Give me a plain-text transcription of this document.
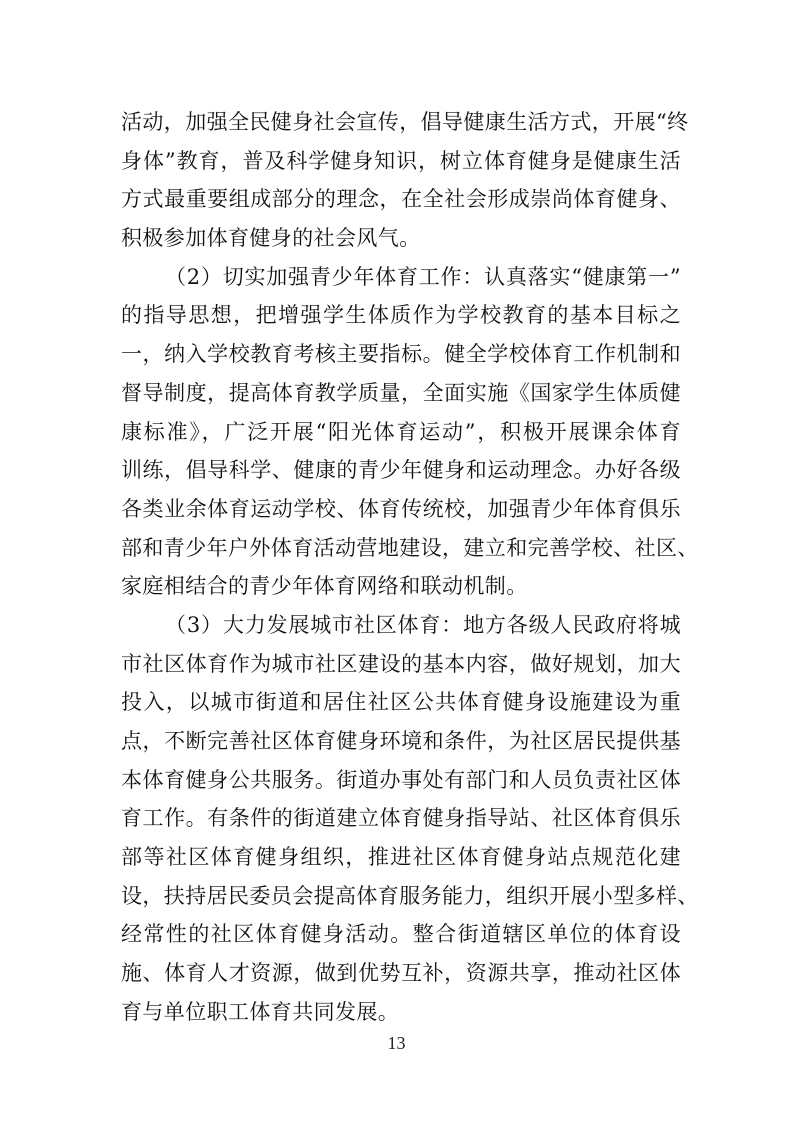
活动，加强全民健身社会宣传，倡导健康生活方式，开展“终
身体”教育，普及科学健身知识，树立体育健身是健康生活
方式最重要组成部分的理念，在全社会形成崇尚体育健身、
积极参加体育健身的社会风气。
（2）切实加强青少年体育工作：认真落实“健康第一”
的指导思想，把增强学生体质作为学校教育的基本目标之
一，纳入学校教育考核主要指标。健全学校体育工作机制和
督导制度，提高体育教学质量，全面实施《国家学生体质健
康标准》，广泛开展“阳光体育运动”，积极开展课余体育
训练，倡导科学、健康的青少年健身和运动理念。办好各级
各类业余体育运动学校、体育传统校，加强青少年体育俱乐
部和青少年户外体育活动营地建设，建立和完善学校、社区、
家庭相结合的青少年体育网络和联动机制。
（3）大力发展城市社区体育：地方各级人民政府将城
市社区体育作为城市社区建设的基本内容，做好规划，加大
投入，以城市街道和居住社区公共体育健身设施建设为重
点，不断完善社区体育健身环境和条件，为社区居民提供基
本体育健身公共服务。街道办事处有部门和人员负责社区体
育工作。有条件的街道建立体育健身指导站、社区体育俱乐
部等社区体育健身组织，推进社区体育健身站点规范化建
设，扶持居民委员会提高体育服务能力，组织开展小型多样、
经常性的社区体育健身活动。整合街道辖区单位的体育设
施、体育人才资源，做到优势互补，资源共享，推动社区体
育与单位职工体育共同发展。
13
